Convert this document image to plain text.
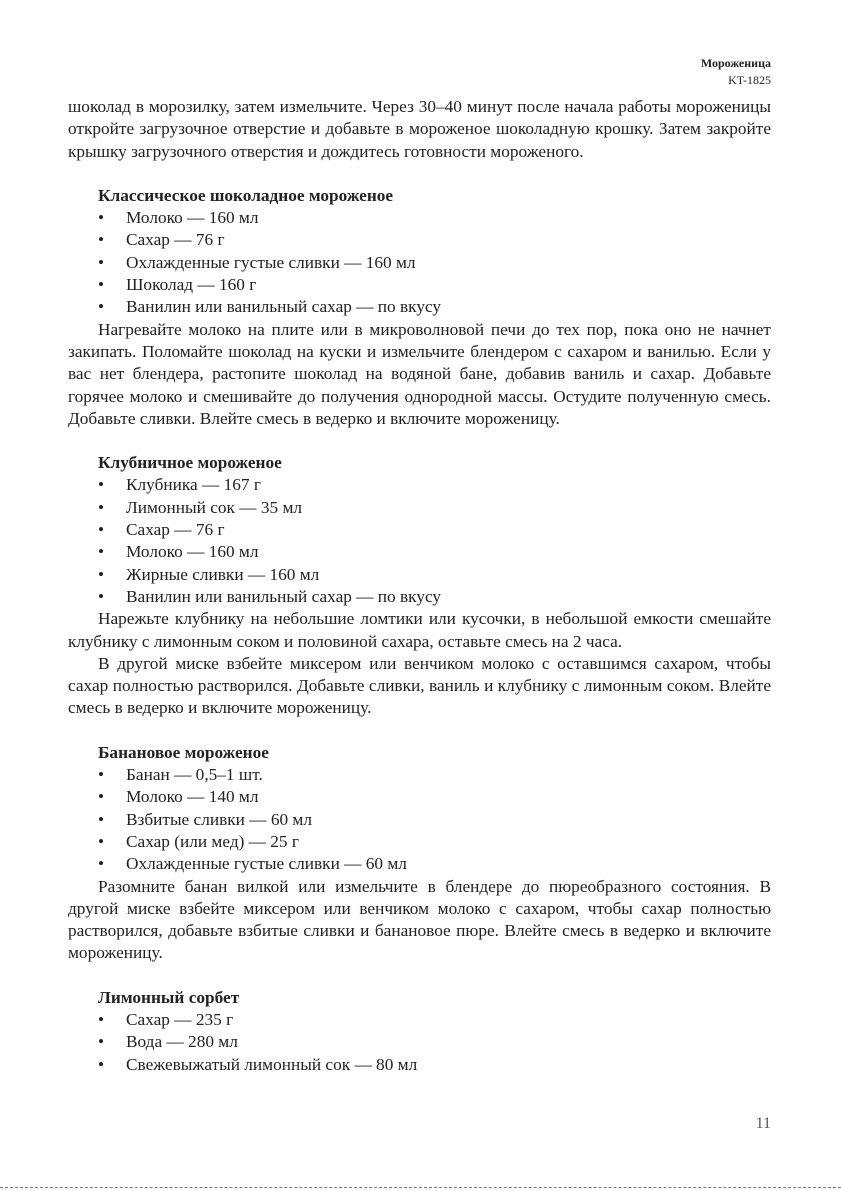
Мороженица
KT-1825

шоколад в морозилку, затем измельчите. Через 30–40 минут после начала работы мороженицы откройте загрузочное отверстие и добавьте в мороженое шоколадную крошку. Затем закройте крышку загрузочного отверстия и дождитесь готовности мороженого.

Классическое шоколадное мороженое
• Молоко — 160 мл
• Сахар — 76 г
• Охлажденные густые сливки — 160 мл
• Шоколад — 160 г
• Ванилин или ванильный сахар — по вкусу

Нагревайте молоко на плите или в микроволновой печи до тех пор, пока оно не начнет закипать. Поломайте шоколад на куски и измельчите блендером с сахаром и ванилью. Если у вас нет блендера, растопите шоколад на водяной бане, добавив ваниль и сахар. Добавьте горячее молоко и смешивайте до получения однородной массы. Остудите полученную смесь. Добавьте сливки. Влейте смесь в ведерко и включите мороженицу.

Клубничное мороженое
• Клубника — 167 г
• Лимонный сок — 35 мл
• Сахар — 76 г
• Молоко — 160 мл
• Жирные сливки — 160 мл
• Ванилин или ванильный сахар — по вкусу

Нарежьте клубнику на небольшие ломтики или кусочки, в небольшой емкости смешайте клубнику с лимонным соком и половиной сахара, оставьте смесь на 2 часа.

В другой миске взбейте миксером или венчиком молоко с оставшимся сахаром, чтобы сахар полностью растворился. Добавьте сливки, ваниль и клубнику с лимонным соком. Влейте смесь в ведерко и включите мороженицу.

Банановое мороженое
• Банан — 0,5–1 шт.
• Молоко — 140 мл
• Взбитые сливки — 60 мл
• Сахар (или мед) — 25 г
• Охлажденные густые сливки — 60 мл

Разомните банан вилкой или измельчите в блендере до пюреобразного состояния. В другой миске взбейте миксером или венчиком молоко с сахаром, чтобы сахар полностью растворился, добавьте взбитые сливки и банановое пюре. Влейте смесь в ведерко и включите мороженицу.

Лимонный сорбет
• Сахар — 235 г
• Вода — 280 мл
• Свежевыжатый лимонный сок — 80 мл
11
